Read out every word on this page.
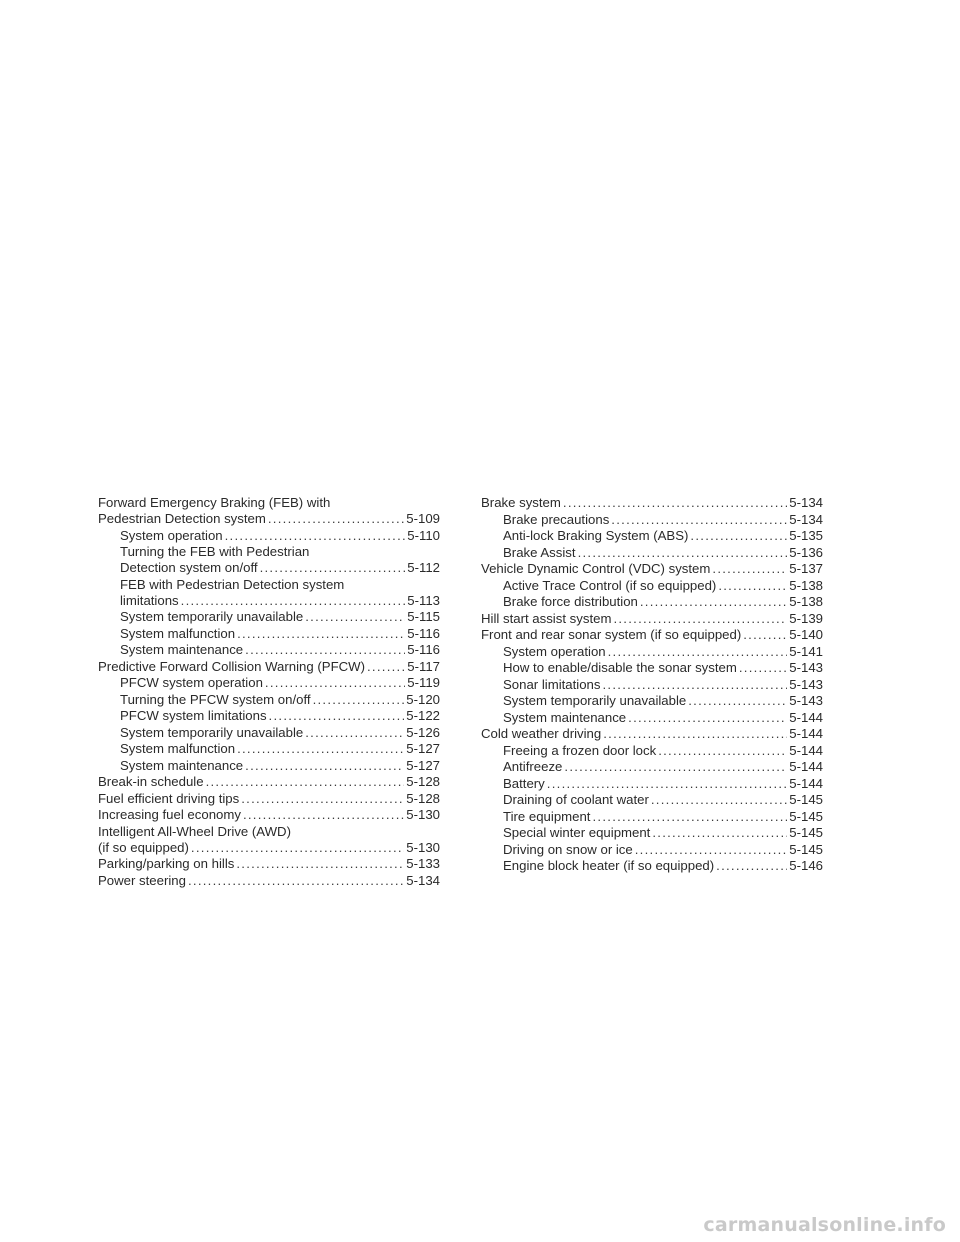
Forward Emergency Braking (FEB) with
Pedestrian Detection system . . .	5-109
System operation . . .	5-110
Turning the FEB with Pedestrian
Detection system on/off . . .	5-112
FEB with Pedestrian Detection system
limitations . . .	5-113
System temporarily unavailable . . .	5-115
System malfunction . . .	5-116
System maintenance . . .	5-116
Predictive Forward Collision Warning (PFCW) . . .	5-117
PFCW system operation . . .	5-119
Turning the PFCW system on/off . . .	5-120
PFCW system limitations . . .	5-122
System temporarily unavailable . . .	5-126
System malfunction . . .	5-127
System maintenance . . .	5-127
Break-in schedule . . .	5-128
Fuel efficient driving tips . . .	5-128
Increasing fuel economy . . .	5-130
Intelligent All-Wheel Drive (AWD)
(if so equipped) . . .	5-130
Parking/parking on hills . . .	5-133
Power steering . . .	5-134
Brake system . . .	5-134
Brake precautions . . .	5-134
Anti-lock Braking System (ABS) . . .	5-135
Brake Assist . . .	5-136
Vehicle Dynamic Control (VDC) system . . .	5-137
Active Trace Control (if so equipped) . . .	5-138
Brake force distribution . . .	5-138
Hill start assist system . . .	5-139
Front and rear sonar system (if so equipped) . . .	5-140
System operation . . .	5-141
How to enable/disable the sonar system . . .	5-143
Sonar limitations . . .	5-143
System temporarily unavailable . . .	5-143
System maintenance . . .	5-144
Cold weather driving . . .	5-144
Freeing a frozen door lock . . .	5-144
Antifreeze . . .	5-144
Battery . . .	5-144
Draining of coolant water . . .	5-145
Tire equipment . . .	5-145
Special winter equipment . . .	5-145
Driving on snow or ice . . .	5-145
Engine block heater (if so equipped) . . .	5-146
carmanualsonline.info
